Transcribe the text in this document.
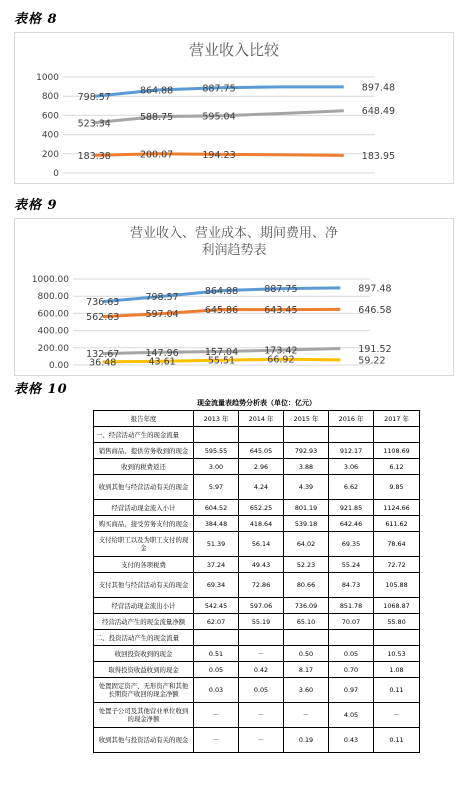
表格 8
营业收入比较
0
200
400
600
800
1000
798.57
864.88	887.75	897.48
523.34
588.75	595.04	648.49
183.38	200.07	194.23	183.95
表格 9
营业收入、营业成本、期间费用、净
利润趋势表
0.00
200.00
400.00
600.00
800.00
1000.00
736.63	798.57
864.88	887.75	897.48
562.63	597.04	645.86	643.45	646.58
132.67	147.96	157.04	173.42	191.52
36.48	43.61	55.51	66.92	59.22
表格 10
现金流量表趋势分析表（单位：亿元）					
报告年度	2013 年	2014 年	2015 年	2016 年	2017 年
一、经营活动产生的现金流量					
销售商品、提供劳务收到的现金	595.55	645.05	792.93	912.17	1108.69
收到的税费返还	3.00	2.96	3.88	3.06	6.12
收到其他与经营活动有关的现金	5.97	4.24	4.39	6.62	9.85
经营活动现金流入小计	604.52	652.25	801.19	921.85	1124.66
购买商品、接受劳务支付的现金	384.48	418.64	539.18	642.46	611.62
支付给职工以及为职工支付的现金	51.39	56.14	64.02	69.35	78.64
支付的各项税费	37.24	49.43	52.23	55.24	72.72
支付其他与经营活动有关的现金	69.34	72.86	80.66	84.73	105.88
经营活动现金流出小计	542.45	597.06	736.09	851.78	1068.87
经营活动产生的现金流量净额	62.07	55.19	65.10	70.07	55.80
二、投资活动产生的现金流量					
收回投资收到的现金	0.51	－	0.50	0.05	10.53
取得投资收益收到的现金	0.05	0.42	8.17	0.70	1.08
处置固定资产、无形资产和其他长期资产收回的现金净额	0.03	0.05	3.60	0.97	0.11
处置子公司及其他营业单位收到的现金净额	－	－	－	4.05	－
收到其他与投资活动有关的现金	－	－	0.19	0.43	0.11
